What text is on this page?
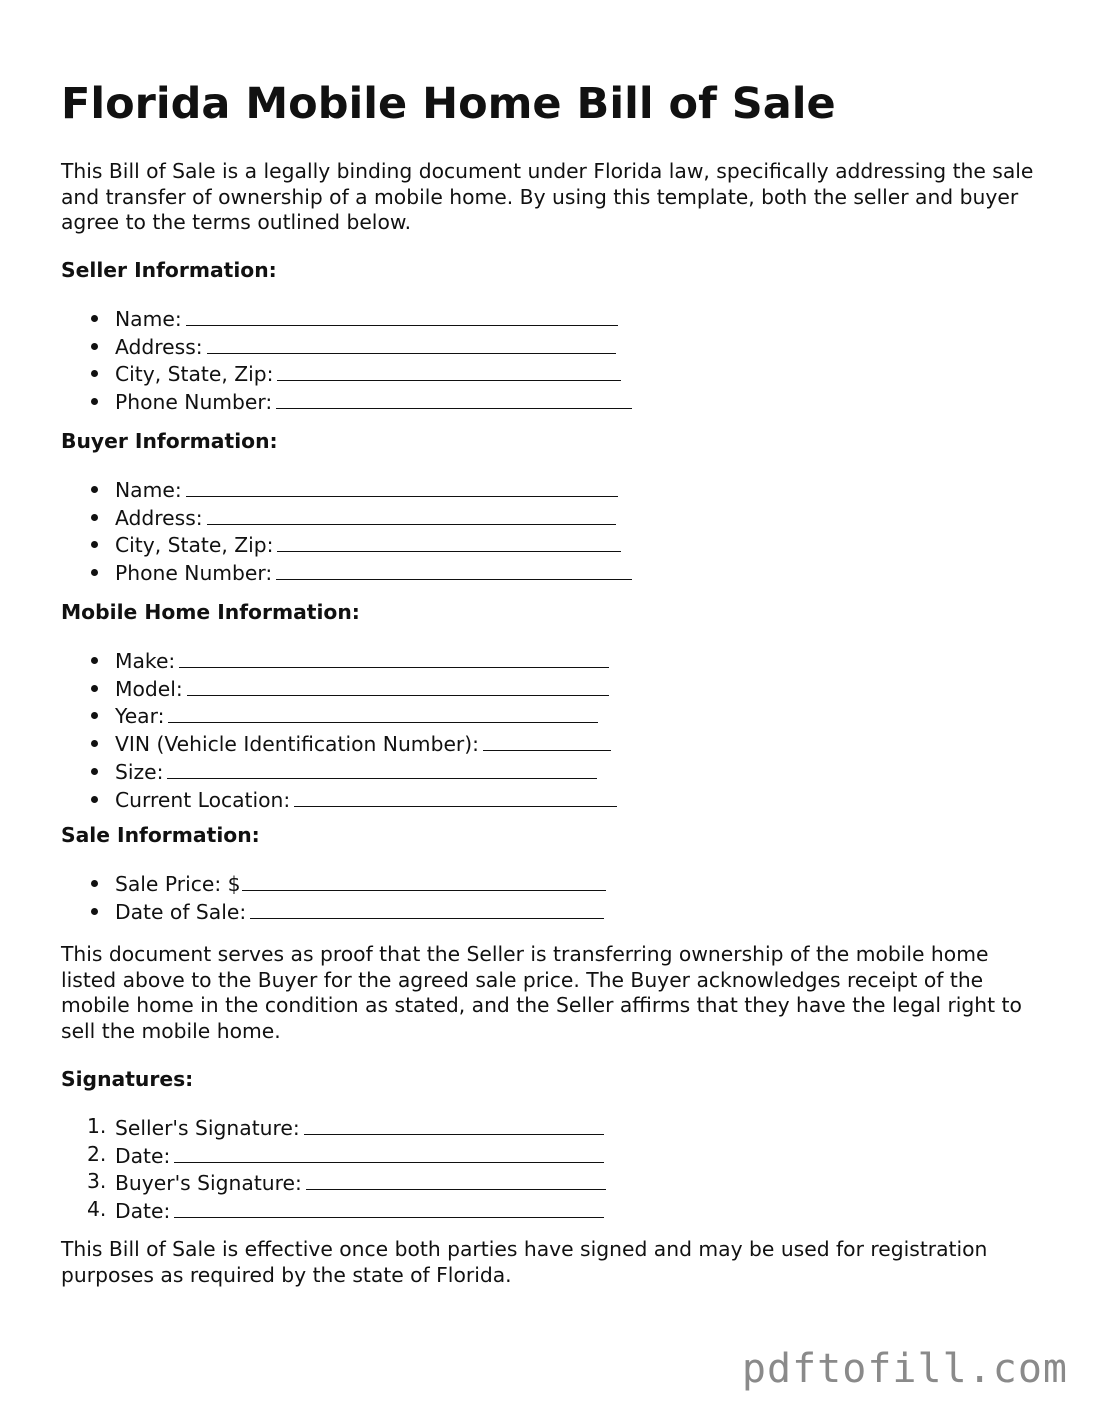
Florida Mobile Home Bill of Sale

This Bill of Sale is a legally binding document under Florida law, specifically addressing the sale and transfer of ownership of a mobile home. By using this template, both the seller and buyer agree to the terms outlined below.

Seller Information:

Name:
Address:
City, State, Zip:
Phone Number:

Buyer Information:

Name:
Address:
City, State, Zip:
Phone Number:

Mobile Home Information:

Make:
Model:
Year:
VIN (Vehicle Identification Number):
Size:
Current Location:

Sale Information:

Sale Price: $
Date of Sale:

This document serves as proof that the Seller is transferring ownership of the mobile home listed above to the Buyer for the agreed sale price. The Buyer acknowledges receipt of the mobile home in the condition as stated, and the Seller affirms that they have the legal right to sell the mobile home.

Signatures:

1. Seller's Signature:
2. Date:
3. Buyer's Signature:
4. Date:

This Bill of Sale is effective once both parties have signed and may be used for registration purposes as required by the state of Florida.

pdftofill.com
